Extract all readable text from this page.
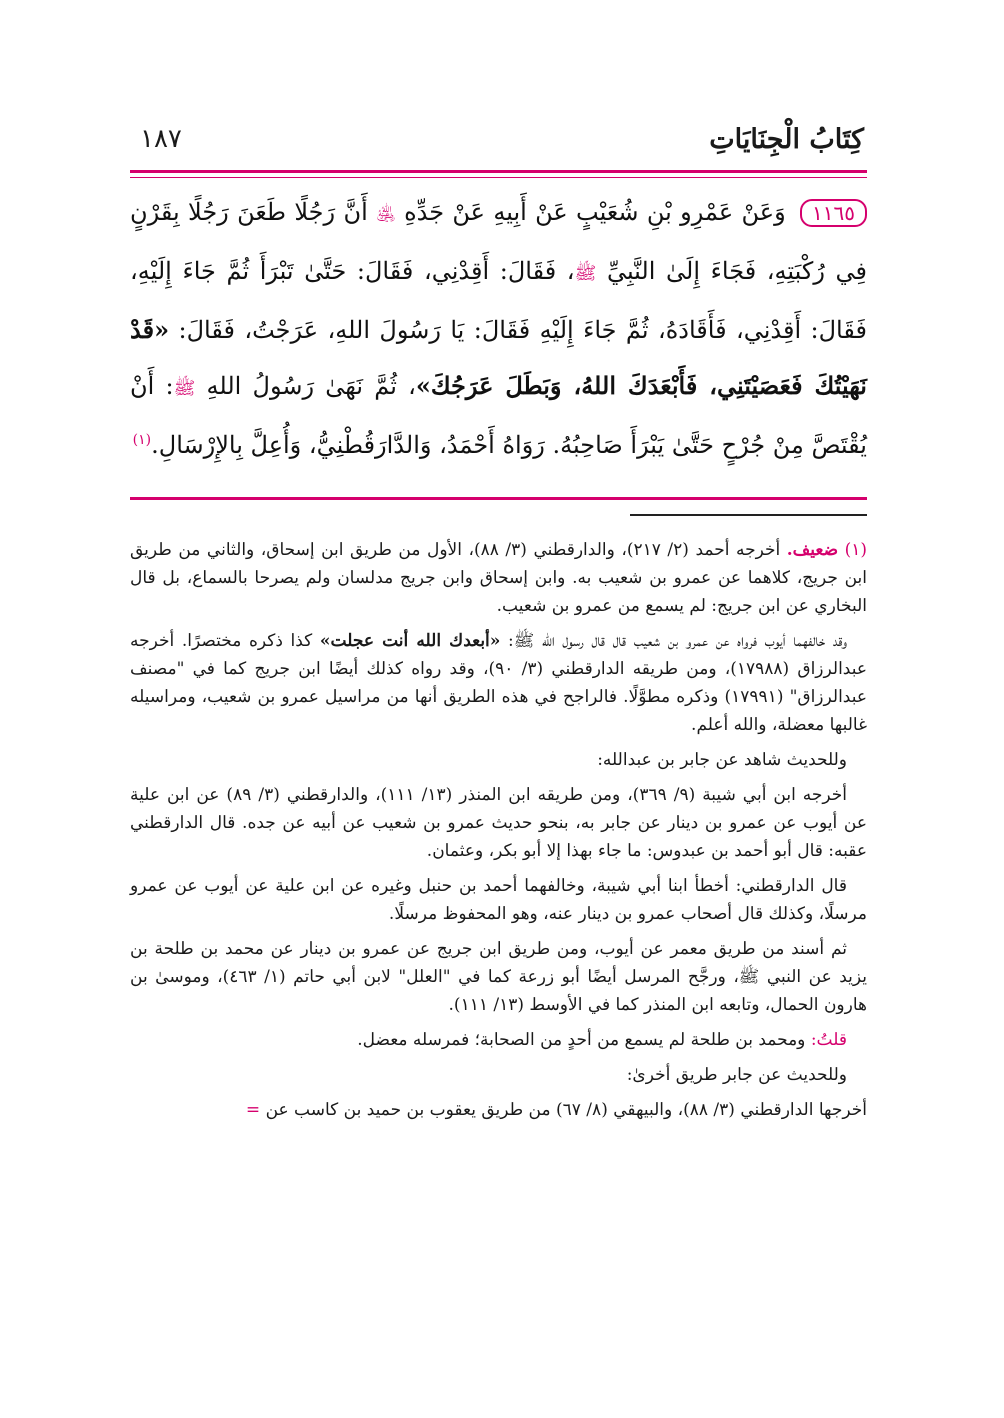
كِتَابُ الْجِنَايَاتِ
١٨٧
١١٦٥ وَعَنْ عَمْرِو بْنِ شُعَيْبٍ عَنْ أَبِيهِ عَنْ جَدِّهِ ﵁ أَنَّ رَجُلًا طَعَنَ رَجُلًا بِقَرْنٍ فِي رُكْبَتِهِ، فَجَاءَ إِلَىٰ النَّبِيِّ ﷺ، فَقَالَ: أَقِدْنِي، فَقَالَ: حَتَّىٰ تَبْرَأَ ثُمَّ جَاءَ إِلَيْهِ، فَقَالَ: أَقِدْنِي، فَأَقَادَهُ، ثُمَّ جَاءَ إِلَيْهِ فَقَالَ: يَا رَسُولَ اللهِ، عَرَجْتُ، فَقَالَ: «قَدْ نَهَيْتُكَ فَعَصَيْتَنِي، فَأَبْعَدَكَ اللهُ، وَبَطَلَ عَرَجُكَ»، ثُمَّ نَهَىٰ رَسُولُ اللهِ ﷺ: أَنْ يُقْتَصَّ مِنْ جُرْحٍ حَتَّىٰ يَبْرَأَ صَاحِبُهُ. رَوَاهُ أَحْمَدُ، وَالدَّارَقُطْنِيُّ، وَأُعِلَّ بِالإِرْسَالِ.$^{(١)}$

(١) ضعيف. أخرجه أحمد (٢/ ٢١٧)، والدارقطني (٣/ ٨٨)، الأول من طريق ابن إسحاق، والثاني من طريق ابن جريج، كلاهما عن عمرو بن شعيب به. وابن إسحاق وابن جريج مدلسان ولم يصرحا بالسماع، بل قال البخاري عن ابن جريج: لم يسمع من عمرو بن شعيب.

وقد خالفهما أيوب فرواه عن عمرو بن شعيب قال قال رسول الله ﷺ: «أبعدك الله أنت عجلت» كذا ذكره مختصرًا. أخرجه عبدالرزاق (١٧٩٨٨)، ومن طريقه الدارقطني (٣/ ٩٠)، وقد رواه كذلك أيضًا ابن جريج كما في "مصنف عبدالرزاق" (١٧٩٩١) وذكره مطوَّلًا. فالراجح في هذه الطريق أنها من مراسيل عمرو بن شعيب، ومراسيله غالبها معضلة، والله أعلم.

وللحديث شاهد عن جابر بن عبدالله:

أخرجه ابن أبي شيبة (٩/ ٣٦٩)، ومن طريقه ابن المنذر (١٣/ ١١١)، والدارقطني (٣/ ٨٩) عن ابن علية عن أيوب عن عمرو بن دينار عن جابر به، بنحو حديث عمرو بن شعيب عن أبيه عن جده. قال الدارقطني عقبه: قال أبو أحمد بن عبدوس: ما جاء بهذا إلا أبو بكر، وعثمان.

قال الدارقطني: أخطأ ابنا أبي شيبة، وخالفهما أحمد بن حنبل وغيره عن ابن علية عن أيوب عن عمرو مرسلًا، وكذلك قال أصحاب عمرو بن دينار عنه، وهو المحفوظ مرسلًا.

ثم أسند من طريق معمر عن أيوب، ومن طريق ابن جريج عن عمرو بن دينار عن محمد بن طلحة بن يزيد عن النبي ﷺ، ورجَّح المرسل أيضًا أبو زرعة كما في "العلل" لابن أبي حاتم (١/ ٤٦٣)، وموسىٰ بن هارون الحمال، وتابعه ابن المنذر كما في الأوسط (١٣/ ١١١).

قلتُ: ومحمد بن طلحة لم يسمع من أحدٍ من الصحابة؛ فمرسله معضل.

وللحديث عن جابر طريق أخرىٰ:

أخرجها الدارقطني (٣/ ٨٨)، والبيهقي (٨/ ٦٧) من طريق يعقوب بن حميد بن كاسب عن =
